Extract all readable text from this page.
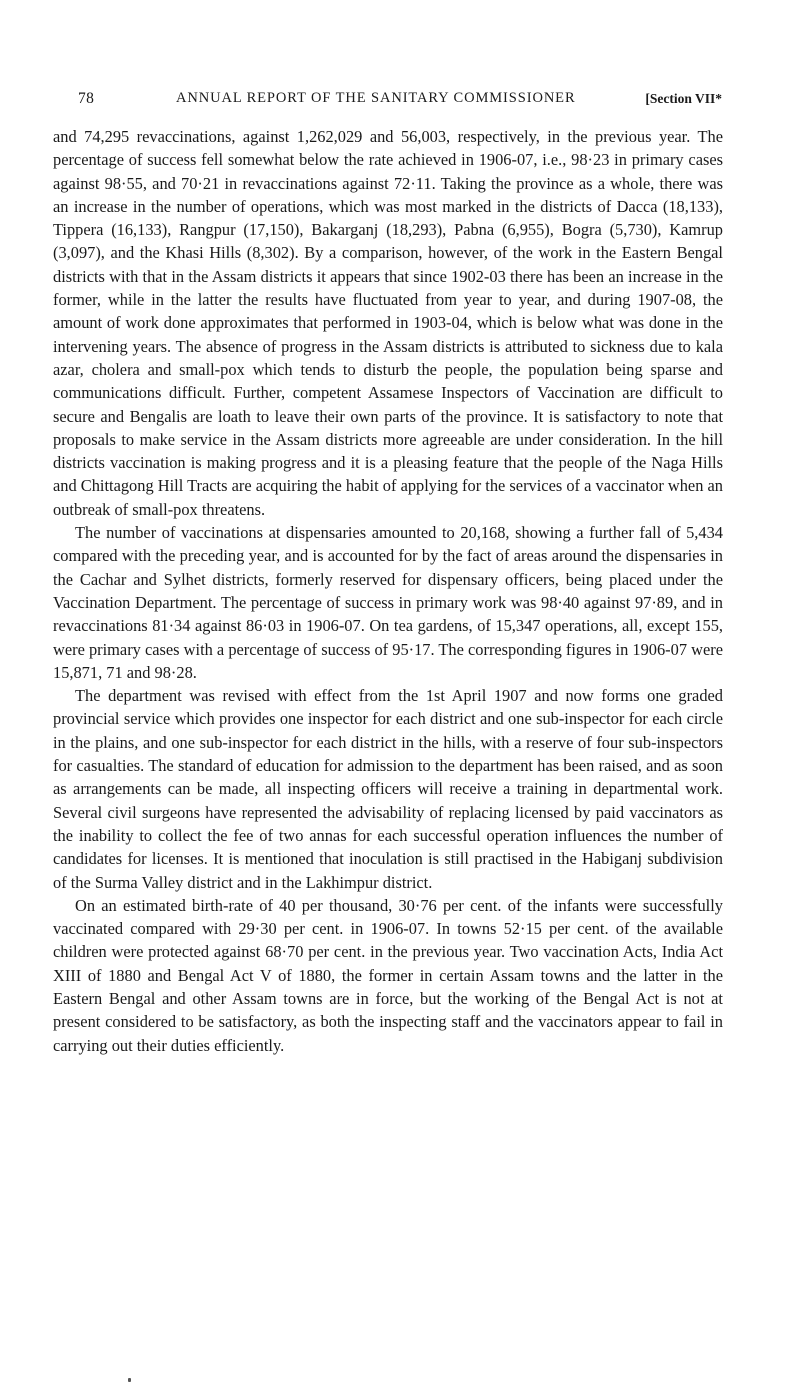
78	ANNUAL REPORT OF THE SANITARY COMMISSIONER	[Section VII*

and 74,295 revaccinations, against 1,262,029 and 56,003, respectively, in the previous year. The percentage of success fell somewhat below the rate achieved in 1906-07, i.e., 98·23 in primary cases against 98·55, and 70·21 in revaccinations against 72·11. Taking the province as a whole, there was an increase in the number of operations, which was most marked in the districts of Dacca (18,133), Tippera (16,133), Rangpur (17,150), Bakarganj (18,293), Pabna (6,955), Bogra (5,730), Kamrup (3,097), and the Khasi Hills (8,302). By a comparison, however, of the work in the Eastern Bengal districts with that in the Assam districts it appears that since 1902-03 there has been an increase in the former, while in the latter the results have fluctuated from year to year, and during 1907-08, the amount of work done approximates that performed in 1903-04, which is below what was done in the intervening years. The absence of progress in the Assam districts is attributed to sickness due to kala azar, cholera and small-pox which tends to disturb the people, the population being sparse and communications difficult. Further, competent Assamese Inspectors of Vaccination are difficult to secure and Bengalis are loath to leave their own parts of the province. It is satisfactory to note that proposals to make service in the Assam districts more agreeable are under consideration. In the hill districts vaccination is making progress and it is a pleasing feature that the people of the Naga Hills and Chittagong Hill Tracts are acquiring the habit of applying for the services of a vaccinator when an outbreak of small-pox threatens.

The number of vaccinations at dispensaries amounted to 20,168, showing a further fall of 5,434 compared with the preceding year, and is accounted for by the fact of areas around the dispensaries in the Cachar and Sylhet districts, formerly reserved for dispensary officers, being placed under the Vaccination Department. The percentage of success in primary work was 98·40 against 97·89, and in revaccinations 81·34 against 86·03 in 1906-07. On tea gardens, of 15,347 operations, all, except 155, were primary cases with a percentage of success of 95·17. The corresponding figures in 1906-07 were 15,871, 71 and 98·28.

The department was revised with effect from the 1st April 1907 and now forms one graded provincial service which provides one inspector for each district and one sub-inspector for each circle in the plains, and one sub-inspector for each district in the hills, with a reserve of four sub-inspectors for casualties. The standard of education for admission to the department has been raised, and as soon as arrangements can be made, all inspecting officers will receive a training in departmental work. Several civil surgeons have represented the advisability of replacing licensed by paid vaccinators as the inability to collect the fee of two annas for each successful operation influences the number of candidates for licenses. It is mentioned that inoculation is still practised in the Habiganj subdivision of the Surma Valley district and in the Lakhimpur district.

On an estimated birth-rate of 40 per thousand, 30·76 per cent. of the infants were successfully vaccinated compared with 29·30 per cent. in 1906-07. In towns 52·15 per cent. of the available children were protected against 68·70 per cent. in the previous year. Two vaccination Acts, India Act XIII of 1880 and Bengal Act V of 1880, the former in certain Assam towns and the latter in the Eastern Bengal and other Assam towns are in force, but the working of the Bengal Act is not at present considered to be satisfactory, as both the inspecting staff and the vaccinators appear to fail in carrying out their duties efficiently.
